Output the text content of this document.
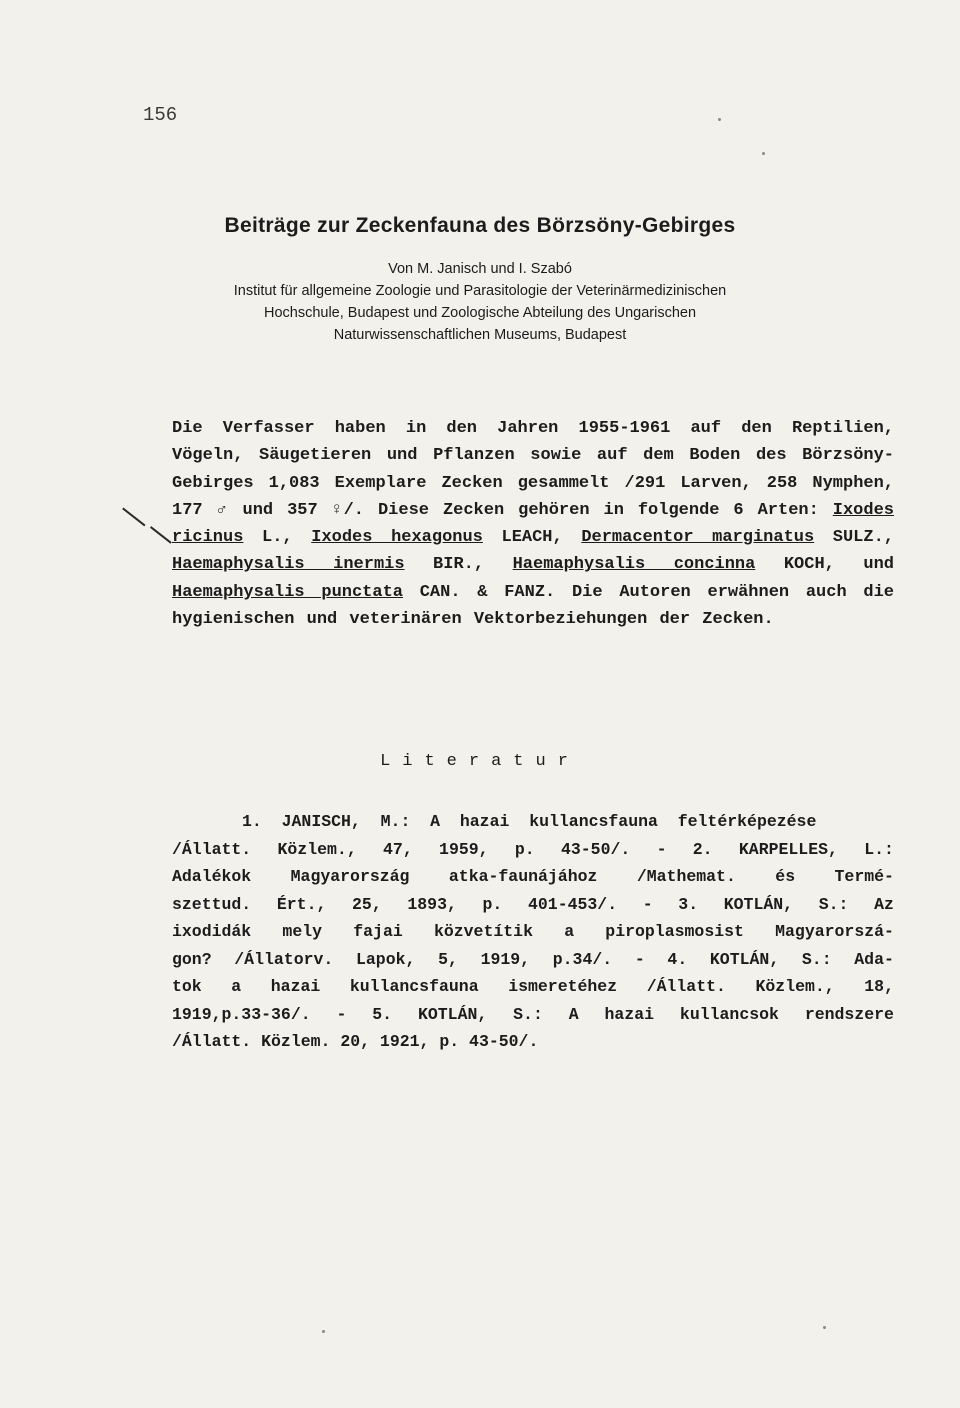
156
Beiträge zur Zeckenfauna des Börzsöny-Gebirges
Von M. Janisch und I. Szabó
Institut für allgemeine Zoologie und Parasitologie der Veterinärmedizinischen
Hochschule, Budapest und Zoologische Abteilung des Ungarischen
Naturwissenschaftlichen Museums, Budapest
Die Verfasser haben in den Jahren 1955-1961 auf den Reptilien, Vögeln, Säugetieren und Pflanzen sowie auf dem Boden des Börzsöny-Gebirges 1,083 Exemplare Zecken gesammelt /291 Larven, 258 Nymphen, 177 ♂ und 357 ♀/. Diese Zecken gehören in folgende 6 Arten: Ixodes ricinus L., Ixodes hexagonus LEACH, Dermacentor marginatus SULZ., Haemaphysalis inermis BIR., Haemaphysalis concinna KOCH, und Haemaphysalis punctata CAN. & FANZ. Die Autoren erwähnen auch die hygienischen und veterinären Vektorbeziehungen der Zecken.
Literatur
1. JANISCH, M.: A hazai kullancsfauna feltérképezése
/Állatt. Közlem., 47, 1959, p. 43-50/. - 2. KARPELLES, L.:
Adalékok Magyarország atka-faunájához /Mathemat. és Termé-
szettud. Ért., 25, 1893, p. 401-453/. - 3. KOTLÁN, S.: Az
ixodidák mely fajai közvetítik a piroplasmosist Magyarorszá-
gon? /Állatorv. Lapok, 5, 1919, p.34/. - 4. KOTLÁN, S.: Ada-
tok a hazai kullancsfauna ismeretéhez /Állatt. Közlem., 18,
1919,p.33-36/. - 5. KOTLÁN, S.: A hazai kullancsok rendszere
/Állatt. Közlem. 20, 1921, p. 43-50/.
